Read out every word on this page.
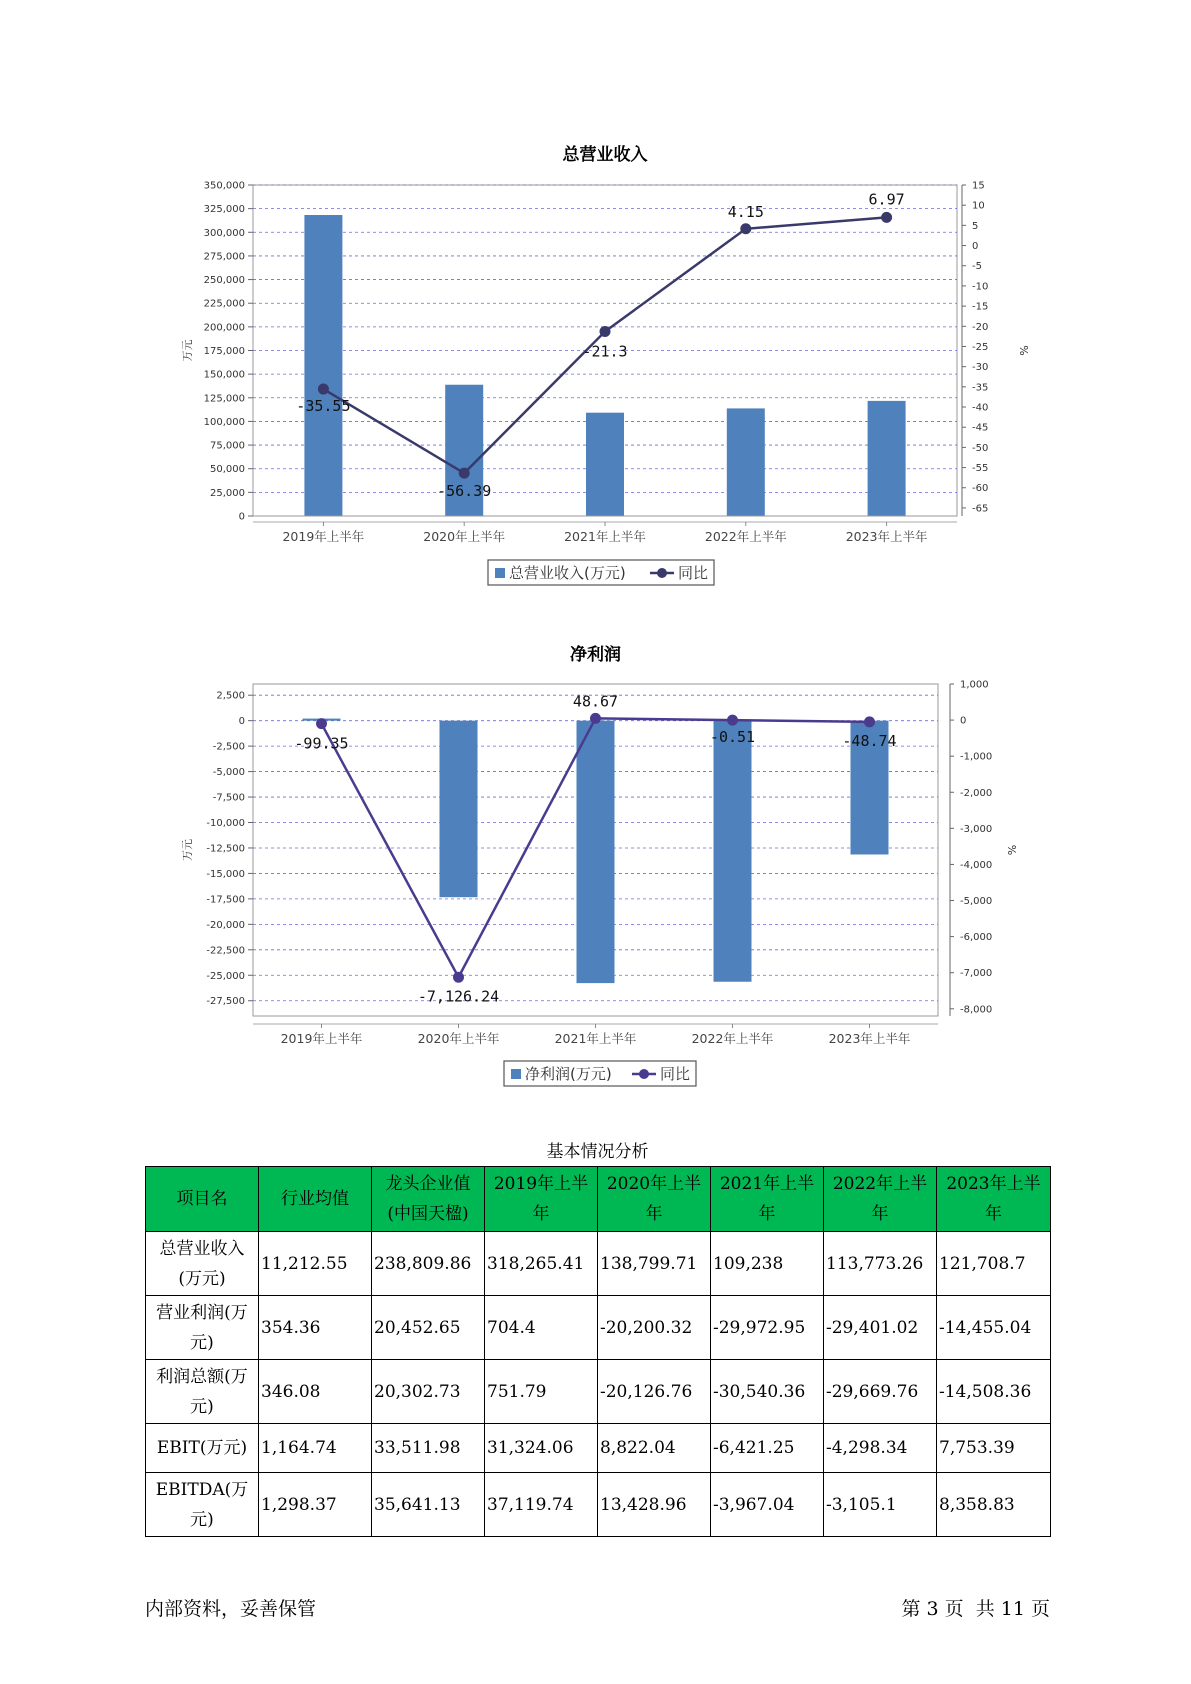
总营业收入
0
25,000
50,000
75,000
100,000
125,000
150,000
175,000
200,000
225,000
250,000
275,000
300,000
325,000
350,000	15
10
5
0
-5
-10
-15
-20
-25
-30
-35
-40
-45
-50
-55
-60
-65
万元	%
2019年上半年	2020年上半年	2021年上半年	2022年上半年	2023年上半年
-35.55
-56.39
-21.3
4.15
6.97
总营业收入(万元)	同比
净利润
2,500
0
-2,500
-5,000
-7,500
-10,000
-12,500
-15,000
-17,500
-20,000
-22,500
-25,000
-27,500
1,000
0
-1,000
-2,000
-3,000
-4,000
-5,000
-6,000
-7,000
-8,000
万元	%
2019年上半年	2020年上半年	2021年上半年	2022年上半年	2023年上半年
-99.35
-7,126.24
48.67
-0.51	-48.74
净利润(万元)	同比
基本情况分析
项目名	行业均值	龙头企业值(中国天楹)	2019年上半年	2020年上半年	2021年上半年	2022年上半年	2023年上半年
总营业收入(万元)	11,212.55	238,809.86	318,265.41	138,799.71	109,238	113,773.26	121,708.7
营业利润(万元)	354.36	20,452.65	704.4	-20,200.32	-29,972.95	-29,401.02	-14,455.04
利润总额(万元)	346.08	20,302.73	751.79	-20,126.76	-30,540.36	-29,669.76	-14,508.36
EBIT(万元)	1,164.74	33,511.98	31,324.06	8,822.04	-6,421.25	-4,298.34	7,753.39
EBITDA(万元)	1,298.37	35,641.13	37,119.74	13,428.96	-3,967.04	-3,105.1	8,358.83
内部资料，妥善保管	第 3 页  共 11 页
